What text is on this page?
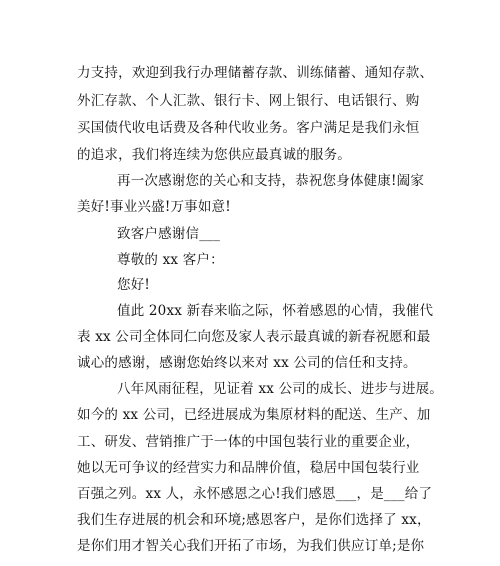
力支持，欢迎到我行办理储蓄存款、训练储蓄、通知存款、
外汇存款、个人汇款、银行卡、网上银行、电话银行、购
买国债代收电话费及各种代收业务。客户满足是我们永恒
的追求，我们将连续为您供应最真诚的服务。
再一次感谢您的关心和支持，恭祝您身体健康!阖家
美好!事业兴盛!万事如意!
致客户感谢信___
尊敬的 xx 客户：
您好!
值此 20xx 新春来临之际，怀着感恩的心情，我催代
表 xx 公司全体同仁向您及家人表示最真诚的新春祝愿和最
诚心的感谢，感谢您始终以来对 xx 公司的信任和支持。
八年风雨征程，见证着 xx 公司的成长、进步与进展。
如今的 xx 公司，已经进展成为集原材料的配送、生产、加
工、研发、营销推广于一体的中国包装行业的重要企业，
她以无可争议的经营实力和品牌价值，稳居中国包装行业
百强之列。xx 人，永怀感恩之心!我们感恩___，是___给了
我们生存进展的机会和环境;感恩客户，是你们选择了 xx，
是你们用才智关心我们开拓了市场，为我们供应订单;是你
